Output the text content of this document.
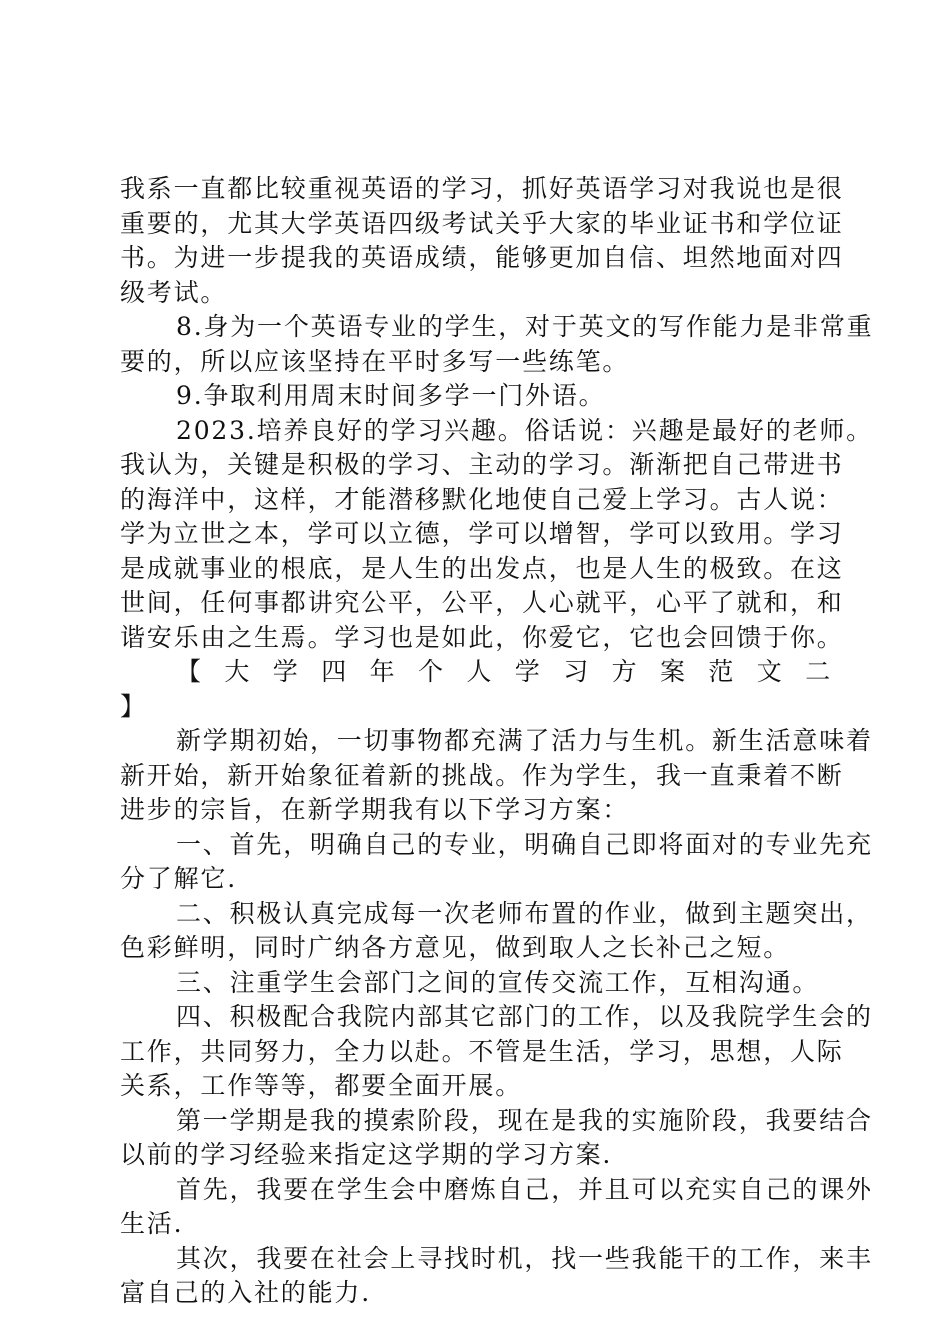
我系一直都比较重视英语的学习，抓好英语学习对我说也是很
重要的，尤其大学英语四级考试关乎大家的毕业证书和学位证
书。为进一步提我的英语成绩，能够更加自信、坦然地面对四
级考试。

8.身为一个英语专业的学生，对于英文的写作能力是非常重
要的，所以应该坚持在平时多写一些练笔。

9.争取利用周末时间多学一门外语。

2023.培养良好的学习兴趣。俗话说：兴趣是最好的老师。
我认为，关键是积极的学习、主动的学习。渐渐把自己带进书
的海洋中，这样，才能潜移默化地使自己爱上学习。古人说：
学为立世之本，学可以立德，学可以增智，学可以致用。学习
是成就事业的根底，是人生的出发点，也是人生的极致。在这
世间，任何事都讲究公平，公平，人心就平，心平了就和，和
谐安乐由之生焉。学习也是如此，你爱它，它也会回馈于你。

【大学四年个人学习方案范文二
】

新学期初始，一切事物都充满了活力与生机。新生活意味着
新开始，新开始象征着新的挑战。作为学生，我一直秉着不断
进步的宗旨，在新学期我有以下学习方案：

一、首先，明确自己的专业，明确自己即将面对的专业先充
分了解它.

二、积极认真完成每一次老师布置的作业，做到主题突出，
色彩鲜明，同时广纳各方意见，做到取人之长补己之短。

三、注重学生会部门之间的宣传交流工作，互相沟通。

四、积极配合我院内部其它部门的工作，以及我院学生会的
工作，共同努力，全力以赴。不管是生活，学习，思想，人际
关系，工作等等，都要全面开展。

第一学期是我的摸索阶段，现在是我的实施阶段，我要结合
以前的学习经验来指定这学期的学习方案.

首先，我要在学生会中磨炼自己，并且可以充实自己的课外
生活.

其次，我要在社会上寻找时机，找一些我能干的工作，来丰
富自己的入社的能力.
